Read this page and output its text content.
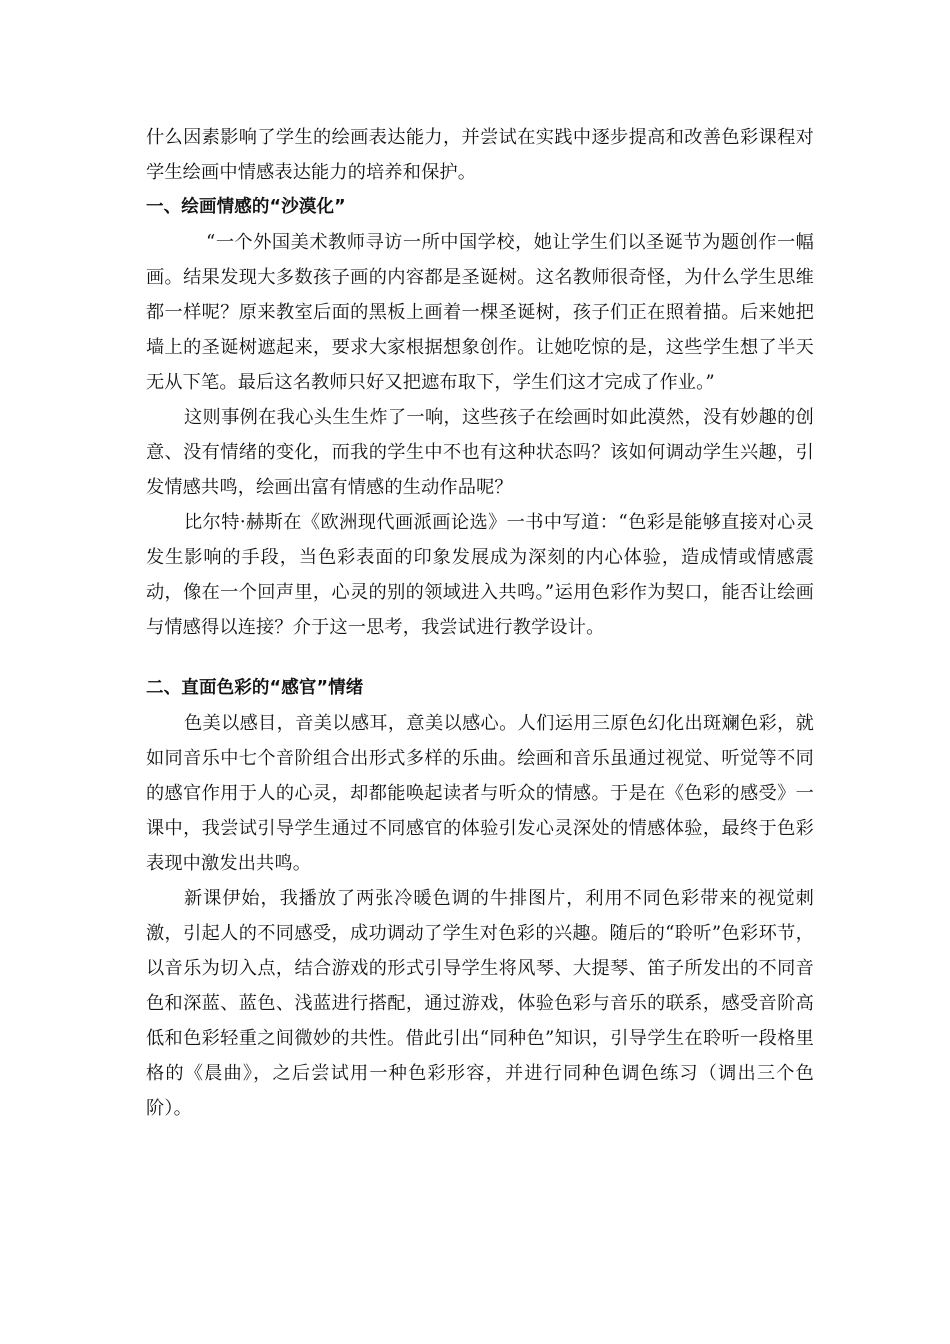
什么因素影响了学生的绘画表达能力，并尝试在实践中逐步提高和改善色彩课程对学生绘画中情感表达能力的培养和保护。

一、绘画情感的“沙漠化”

“一个外国美术教师寻访一所中国学校，她让学生们以圣诞节为题创作一幅画。结果发现大多数孩子画的内容都是圣诞树。这名教师很奇怪，为什么学生思维都一样呢？原来教室后面的黑板上画着一棵圣诞树，孩子们正在照着描。后来她把墙上的圣诞树遮起来，要求大家根据想象创作。让她吃惊的是，这些学生想了半天无从下笔。最后这名教师只好又把遮布取下，学生们这才完成了作业。”

这则事例在我心头生生炸了一响，这些孩子在绘画时如此漠然，没有妙趣的创意、没有情绪的变化，而我的学生中不也有这种状态吗？该如何调动学生兴趣，引发情感共鸣，绘画出富有情感的生动作品呢？

比尔特·赫斯在《欧洲现代画派画论选》一书中写道：“色彩是能够直接对心灵发生影响的手段，当色彩表面的印象发展成为深刻的内心体验，造成情或情感震动，像在一个回声里，心灵的别的领域进入共鸣。”运用色彩作为契口，能否让绘画与情感得以连接？介于这一思考，我尝试进行教学设计。

二、直面色彩的“感官”情绪

色美以感目，音美以感耳，意美以感心。人们运用三原色幻化出斑斓色彩，就如同音乐中七个音阶组合出形式多样的乐曲。绘画和音乐虽通过视觉、听觉等不同的感官作用于人的心灵，却都能唤起读者与听众的情感。于是在《色彩的感受》一课中，我尝试引导学生通过不同感官的体验引发心灵深处的情感体验，最终于色彩表现中激发出共鸣。

新课伊始，我播放了两张冷暖色调的牛排图片，利用不同色彩带来的视觉刺激，引起人的不同感受，成功调动了学生对色彩的兴趣。随后的“聆听”色彩环节，以音乐为切入点，结合游戏的形式引导学生将风琴、大提琴、笛子所发出的不同音色和深蓝、蓝色、浅蓝进行搭配，通过游戏，体验色彩与音乐的联系，感受音阶高低和色彩轻重之间微妙的共性。借此引出“同种色”知识，引导学生在聆听一段格里格的《晨曲》，之后尝试用一种色彩形容，并进行同种色调色练习（调出三个色阶）。
